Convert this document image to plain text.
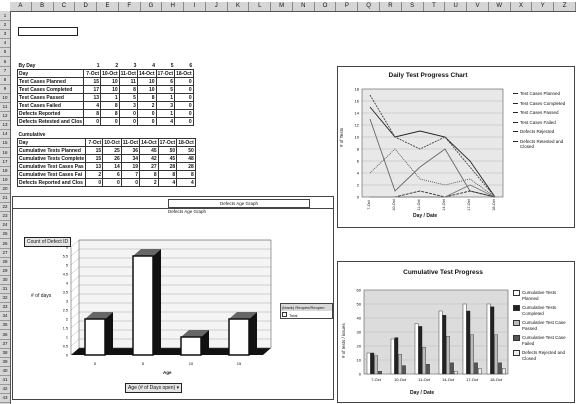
A	B	C	D	E	F	G	H	I	J	K	L	M	N	O	P	Q	R	S	T	U	V	W	X	Y	Z
1
2
3
4
5
6
7
8
9
10
11
12
13
14
15
16
17
18
19
20
21
22
23
24
25
26
27
28
29
30
31
32
33
34
35
36
37
38
39
40
41
42
43
By Day	1	2	3	4	5	6
Day	7-Oct	10-Oct	11-Oct	14-Oct	17-Oct	18-Oct
Test Cases Planned	15	10	11	10	6	0
Test Cases Completed	17	10	8	10	5	0
Test Cases Passed	13	1	5	8	1	0
Test Cases Failed	4	8	3	2	3	0
Defects Reported	8	8	0	0	1	0
Defects Retested and Clos	0	0	0	0	4	0
Cumulative						
Day	7-Oct	10-Oct	11-Oct	14-Oct	17-Oct	18-Oct
Cumulative Tests Planned	15	25	36	45	50	50
Cumulative Tests Complete	15	26	34	42	45	48
Cumulative Test Cases Pas	13	14	19	27	28	28
Cumulative Test Cases Fai	2	6	7	8	8	8
Defects Reported and Clos	0	0	0	2	4	4
Daily Test Progress Chart
0
2
4
6
8
10
12
14
16
18
7-Oct	10-Oct	11-Oct	14-Oct	17-Oct	18-Oct
Day / Date
# of Tests
Test Cases Planned
Test Cases Completed
Test Cases Passed
Test Cases Failed
Defects Rejected
Defects Retested and Closed
Cumulative Test Progress
0
10
20
30
40
50
60
7-Oct	10-Oct	11-Oct	14-Oct	17-Oct	18-Oct
Day / Date
# of tests / issues
Cumulative Tests Planned
Cumulative Tests Completed
Cumulative Test Case Passed
Cumulative Test Case Failed
Defects Rejected and Closed
Defects Age Graph
Defects Age Graph
Count of Defect ID
0
0.5
1
1.5
2
2.5
3
3.5
4
4.5
5
5.5
6
0	5	10	15
# of days
Age
Age (# of Days open) ▾
(blank) Reopen/Reopen
Total
